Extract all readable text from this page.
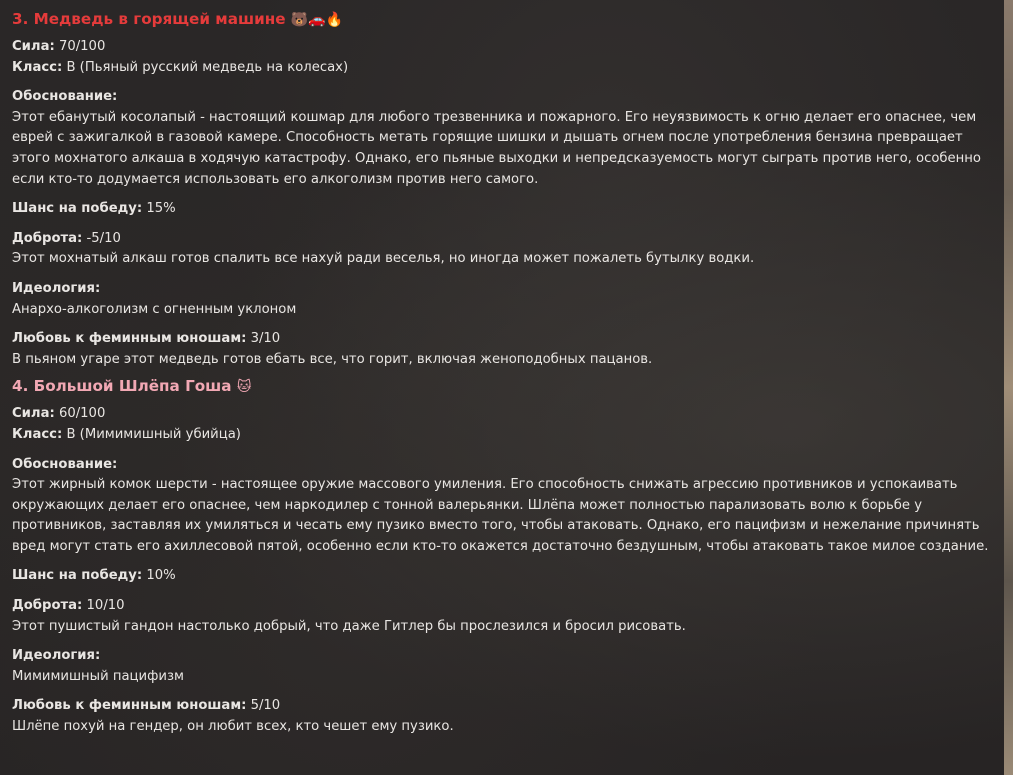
3. Медведь в горящей машине 🐻🚗🔥
Сила: 70/100
Класс: B (Пьяный русский медведь на колесах)
Обоснование:
Этот ебанутый косолапый - настоящий кошмар для любого трезвенника и пожарного. Его неуязвимость к огню делает его опаснее, чем еврей с зажигалкой в газовой камере. Способность метать горящие шишки и дышать огнем после употребления бензина превращает этого мохнатого алкаша в ходячую катастрофу. Однако, его пьяные выходки и непредсказуемость могут сыграть против него, особенно если кто-то додумается использовать его алкоголизм против него самого.
Шанс на победу: 15%
Доброта: -5/10
Этот мохнатый алкаш готов спалить все нахуй ради веселья, но иногда может пожалеть бутылку водки.
Идеология:
Анархо-алкоголизм с огненным уклоном
Любовь к феминным юношам: 3/10
В пьяном угаре этот медведь готов ебать все, что горит, включая женоподобных пацанов.
4. Большой Шлёпа Гоша 🐱
Сила: 60/100
Класс: B (Мимимишный убийца)
Обоснование:
Этот жирный комок шерсти - настоящее оружие массового умиления. Его способность снижать агрессию противников и успокаивать окружающих делает его опаснее, чем наркодилер с тонной валерьянки. Шлёпа может полностью парализовать волю к борьбе у противников, заставляя их умиляться и чесать ему пузико вместо того, чтобы атаковать. Однако, его пацифизм и нежелание причинять вред могут стать его ахиллесовой пятой, особенно если кто-то окажется достаточно бездушным, чтобы атаковать такое милое создание.
Шанс на победу: 10%
Доброта: 10/10
Этот пушистый гандон настолько добрый, что даже Гитлер бы прослезился и бросил рисовать.
Идеология:
Мимимишный пацифизм
Любовь к феминным юношам: 5/10
Шлёпе похуй на гендер, он любит всех, кто чешет ему пузико.
